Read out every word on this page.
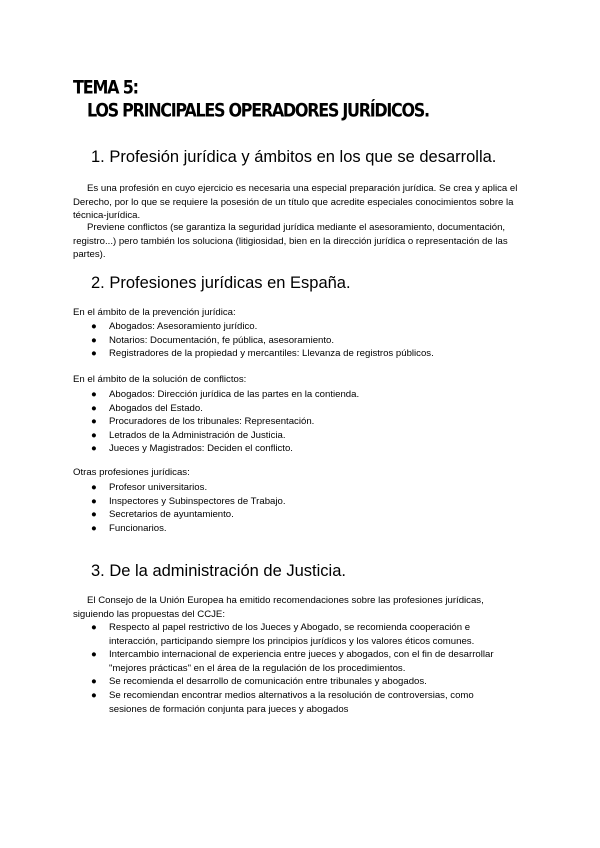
TEMA 5:
LOS PRINCIPALES OPERADORES JURÍDICOS.
1. Profesión jurídica y ámbitos en los que se desarrolla.
Es una profesión en cuyo ejercicio es necesaria una especial preparación jurídica. Se crea y aplica el Derecho, por lo que se requiere la posesión de un título que acredite especiales conocimientos sobre la técnica-jurídica.
Previene conflictos (se garantiza la seguridad jurídica mediante el asesoramiento, documentación, registro...) pero también los soluciona (litigiosidad, bien en la dirección jurídica o representación de las partes).
2. Profesiones jurídicas en España.
En el ámbito de la prevención jurídica:
● Abogados: Asesoramiento jurídico.
● Notarios: Documentación, fe pública, asesoramiento.
● Registradores de la propiedad y mercantiles: Llevanza de registros públicos.
En el ámbito de la solución de conflictos:
● Abogados: Dirección jurídica de las partes en la contienda.
● Abogados del Estado.
● Procuradores de los tribunales: Representación.
● Letrados de la Administración de Justicia.
● Jueces y Magistrados: Deciden el conflicto.
Otras profesiones jurídicas:
● Profesor universitarios.
● Inspectores y Subinspectores de Trabajo.
● Secretarios de ayuntamiento.
● Funcionarios.
3. De la administración de Justicia.
El Consejo de la Unión Europea ha emitido recomendaciones sobre las profesiones jurídicas, siguiendo las propuestas del CCJE:
● Respecto al papel restrictivo de los Jueces y Abogado, se recomienda cooperación e interacción, participando siempre los principios jurídicos y los valores éticos comunes.
● Intercambio internacional de experiencia entre jueces y abogados, con el fin de desarrollar "mejores prácticas" en el área de la regulación de los procedimientos.
● Se recomienda el desarrollo de comunicación entre tribunales y abogados.
● Se recomiendan encontrar medios alternativos a la resolución de controversias, como sesiones de formación conjunta para jueces y abogados
